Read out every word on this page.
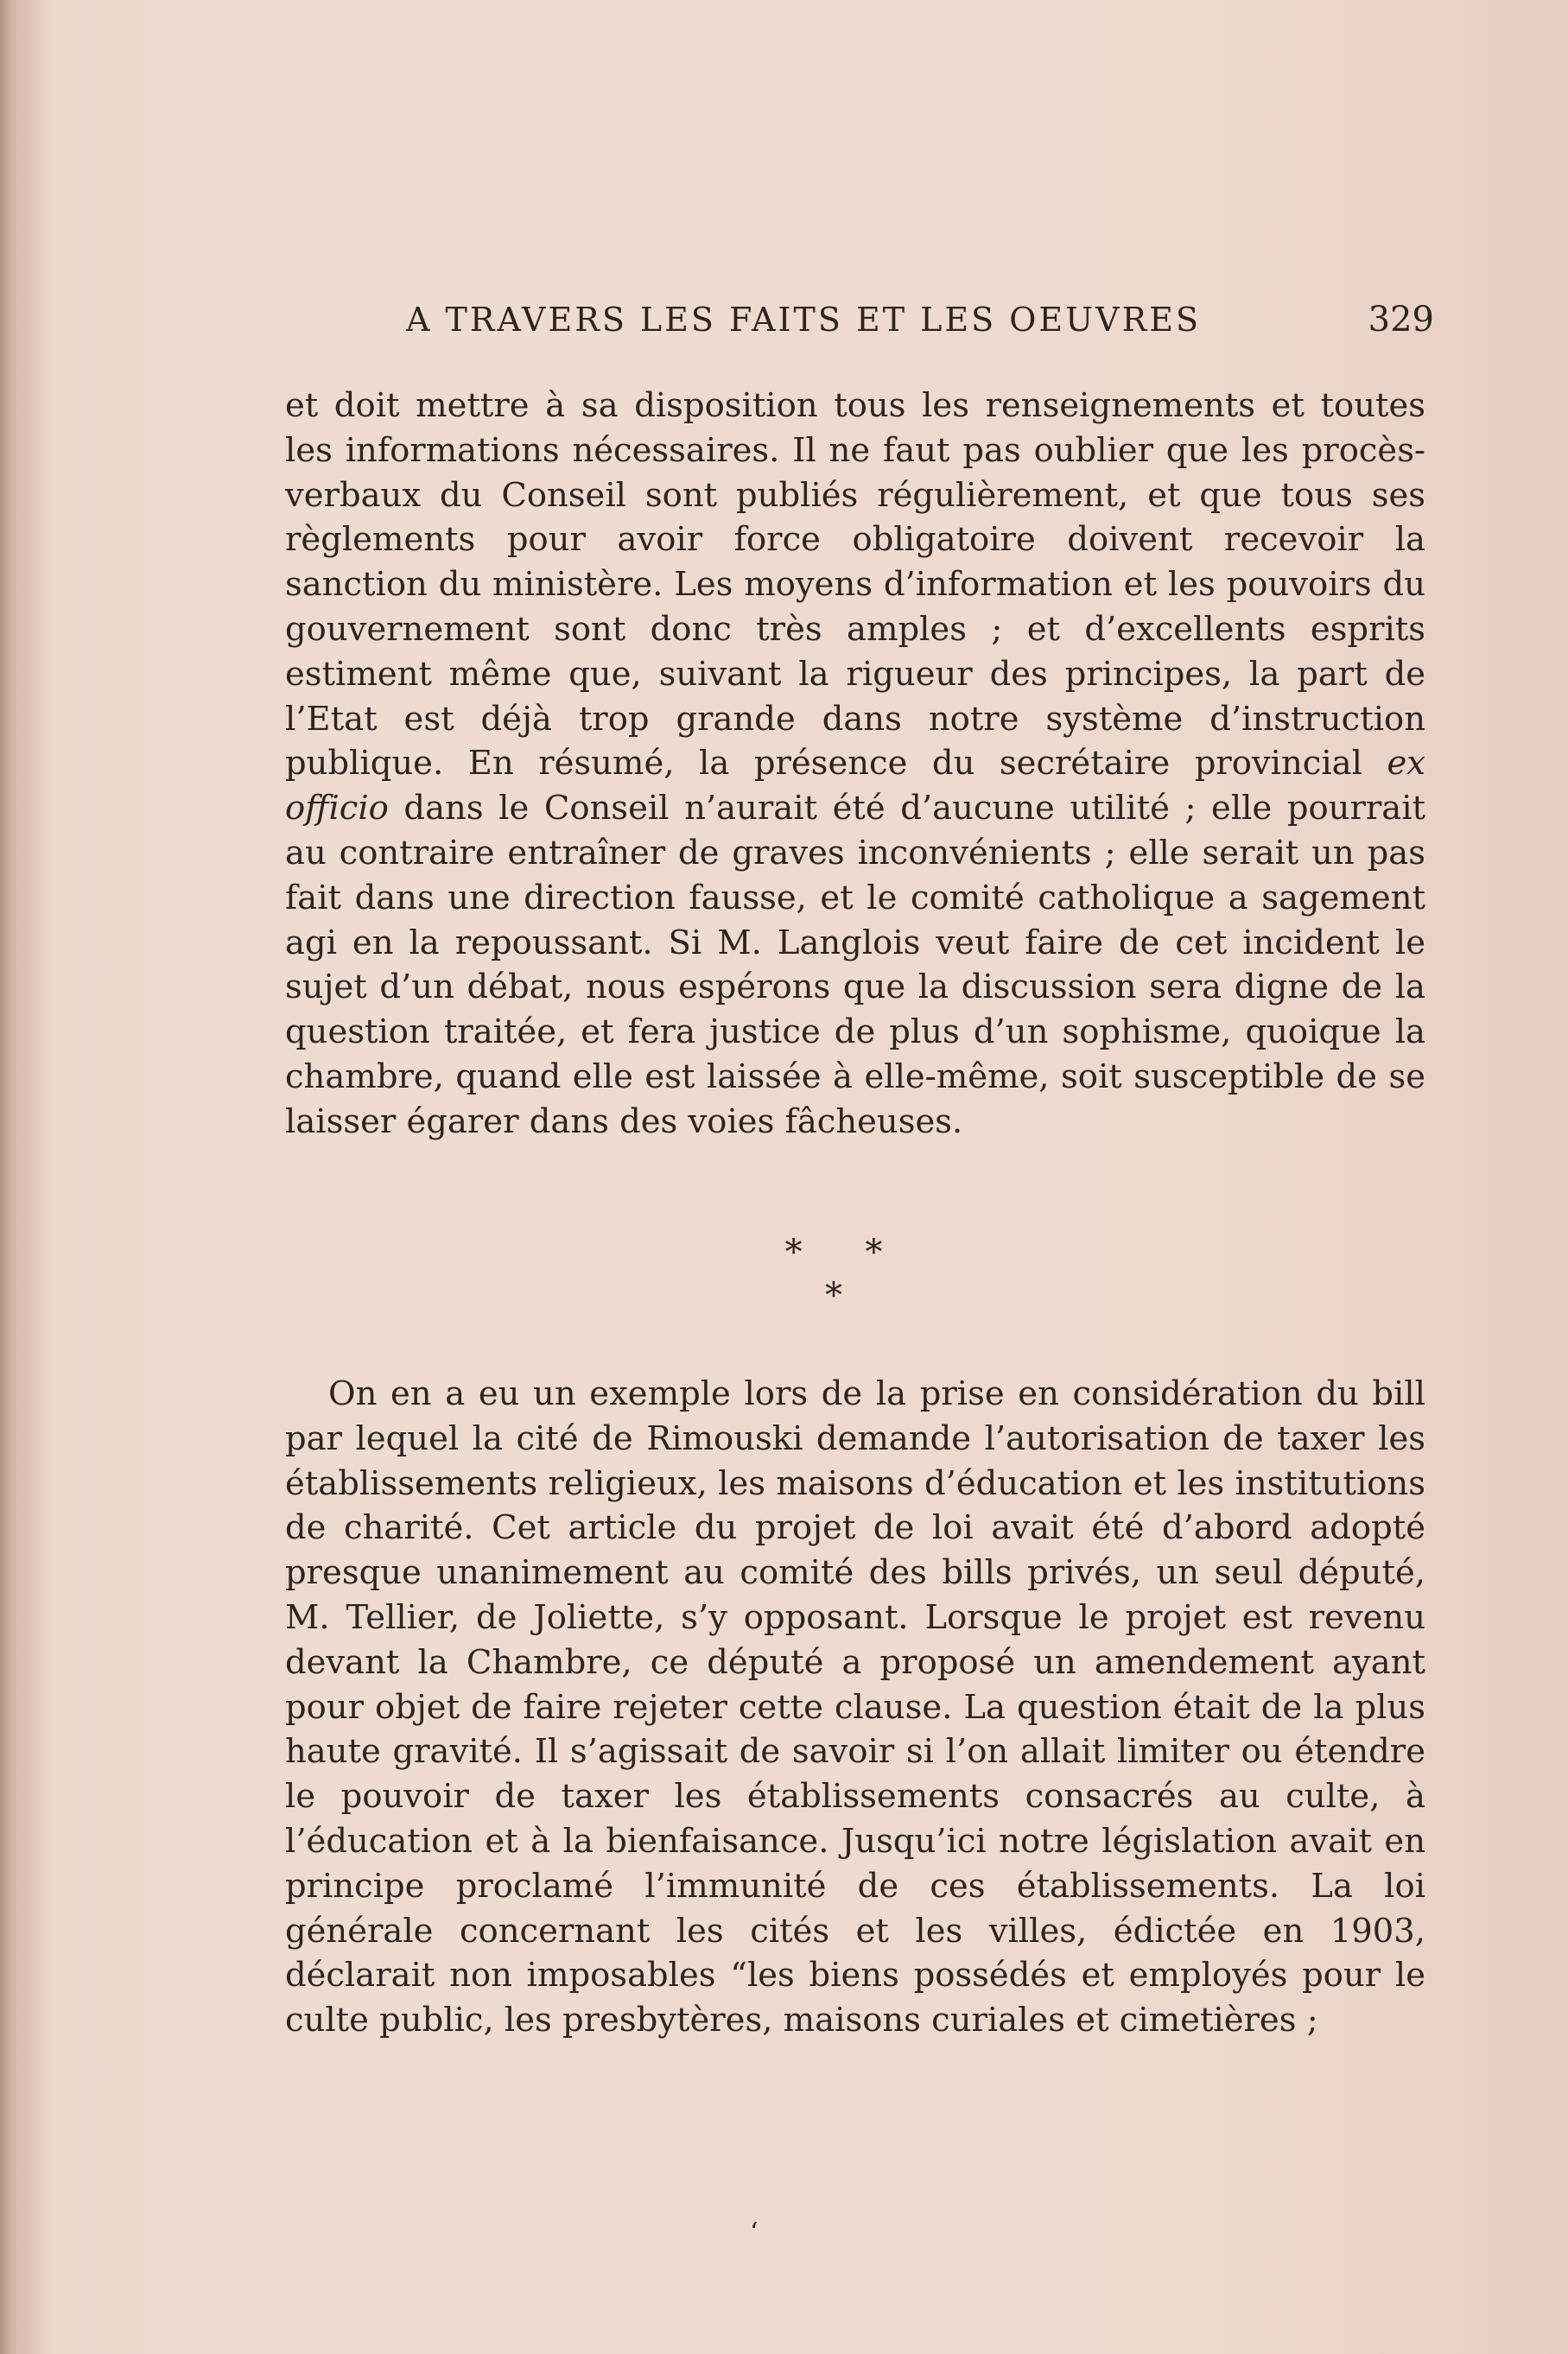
A TRAVERS LES FAITS ET LES OEUVRES	329

et doit mettre à sa disposition tous les renseignements et toutes les informations nécessaires. Il ne faut pas oublier que les procès-verbaux du Conseil sont publiés régulièrement, et que tous ses règlements pour avoir force obligatoire doivent recevoir la sanction du ministère. Les moyens d’information et les pouvoirs du gouvernement sont donc très amples ; et d’excellents esprits estiment même que, suivant la rigueur des principes, la part de l’Etat est déjà trop grande dans notre système d’instruction publique. En résumé, la présence du secrétaire provincial ex officio dans le Conseil n’aurait été d’aucune utilité ; elle pourrait au contraire entraîner de graves inconvénients ; elle serait un pas fait dans une direction fausse, et le comité catholique a sagement agi en la repoussant. Si M. Langlois veut faire de cet incident le sujet d’un débat, nous espérons que la discussion sera digne de la question traitée, et fera justice de plus d’un sophisme, quoique la chambre, quand elle est laissée à elle-même, soit susceptible de se laisser égarer dans des voies fâcheuses.

* * *

On en a eu un exemple lors de la prise en considération du bill par lequel la cité de Rimouski demande l’autorisation de taxer les établissements religieux, les maisons d’éducation et les institutions de charité. Cet article du projet de loi avait été d’abord adopté presque unanimement au comité des bills privés, un seul député, M. Tellier, de Joliette, s’y opposant. Lorsque le projet est revenu devant la Chambre, ce député a proposé un amendement ayant pour objet de faire rejeter cette clause. La question était de la plus haute gravité. Il s’agissait de savoir si l’on allait limiter ou étendre le pouvoir de taxer les établissements consacrés au culte, à l’éducation et à la bienfaisance. Jusqu’ici notre législation avait en principe proclamé l’immunité de ces établissements. La loi générale concernant les cités et les villes, édictée en 1903, déclarait non imposables “les biens possédés et employés pour le culte public, les presbytères, maisons curiales et cimetières ;

‘
